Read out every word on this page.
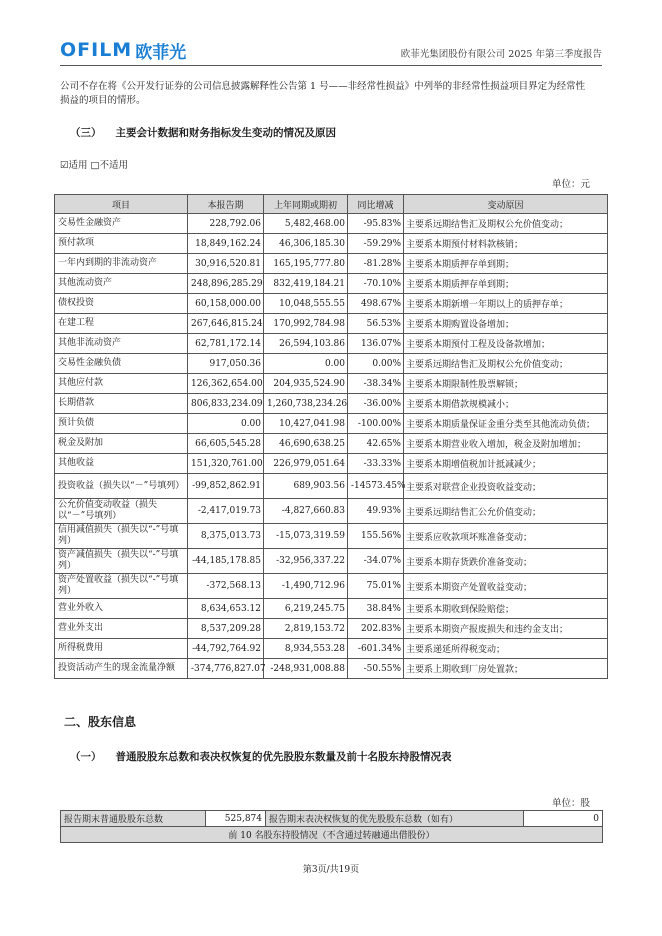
OFILM 欧菲光	欧菲光集团股份有限公司 2025 年第三季度报告

公司不存在将《公开发行证券的公司信息披露解释性公告第 1 号——非经常性损益》中列举的非经常性损益项目界定为经常性损益的项目的情形。

（三） 主要会计数据和财务指标发生变动的情况及原因
☑适用 □不适用
单位：元
项目	本报告期	上年同期或期初	同比增减	变动原因
交易性金融资产	228,792.06	5,482,468.00	-95.83%	主要系远期结售汇及期权公允价值变动；
预付款项	18,849,162.24	46,306,185.30	-59.29%	主要系本期预付材料款核销；
一年内到期的非流动资产	30,916,520.81	165,195,777.80	-81.28%	主要系本期质押存单到期；
其他流动资产	248,896,285.29	832,419,184.21	-70.10%	主要系本期质押存单到期；
债权投资	60,158,000.00	10,048,555.55	498.67%	主要系本期新增一年期以上的质押存单；
在建工程	267,646,815.24	170,992,784.98	56.53%	主要系本期购置设备增加；
其他非流动资产	62,781,172.14	26,594,103.86	136.07%	主要系本期预付工程及设备款增加；
交易性金融负债	917,050.36	0.00	0.00%	主要系远期结售汇及期权公允价值变动；
其他应付款	126,362,654.00	204,935,524.90	-38.34%	主要系本期限制性股票解锁；
长期借款	806,833,234.09	1,260,738,234.26	-36.00%	主要系本期借款规模减小；
预计负债	0.00	10,427,041.98	-100.00%	主要系本期质量保证金重分类至其他流动负债；
税金及附加	66,605,545.28	46,690,638.25	42.65%	主要系本期营业收入增加，税金及附加增加；
其他收益	151,320,761.00	226,979,051.64	-33.33%	主要系本期增值税加计抵减减少；
投资收益（损失以“－”号填列）	-99,852,862.91	689,903.56	-14573.45%	主要系对联营企业投资收益变动；
公允价值变动收益（损失以“－”号填列）	-2,417,019.73	-4,827,660.83	49.93%	主要系远期结售汇公允价值变动；
信用减值损失（损失以“-”号填列）	8,375,013.73	-15,073,319.59	155.56%	主要系应收款项坏账准备变动；
资产减值损失（损失以“-”号填列）	-44,185,178.85	-32,956,337.22	-34.07%	主要系本期存货跌价准备变动；
资产处置收益（损失以“-”号填列）	-372,568.13	-1,490,712.96	75.01%	主要系本期资产处置收益变动；
营业外收入	8,634,653.12	6,219,245.75	38.84%	主要系本期收到保险赔偿；
营业外支出	8,537,209.28	2,819,153.72	202.83%	主要系本期资产报废损失和违约金支出；
所得税费用	-44,792,764.92	8,934,553.28	-601.34%	主要系递延所得税变动；
投资活动产生的现金流量净额	-374,776,827.07	-248,931,008.88	-50.55%	主要系上期收到厂房处置款；
二、股东信息
（一） 普通股股东总数和表决权恢复的优先股股东数量及前十名股东持股情况表
单位：股
报告期末普通股股东总数	525,874	报告期末表决权恢复的优先股股东总数（如有）	0
前 10 名股东持股情况（不含通过转融通出借股份）
第3页/共19页
